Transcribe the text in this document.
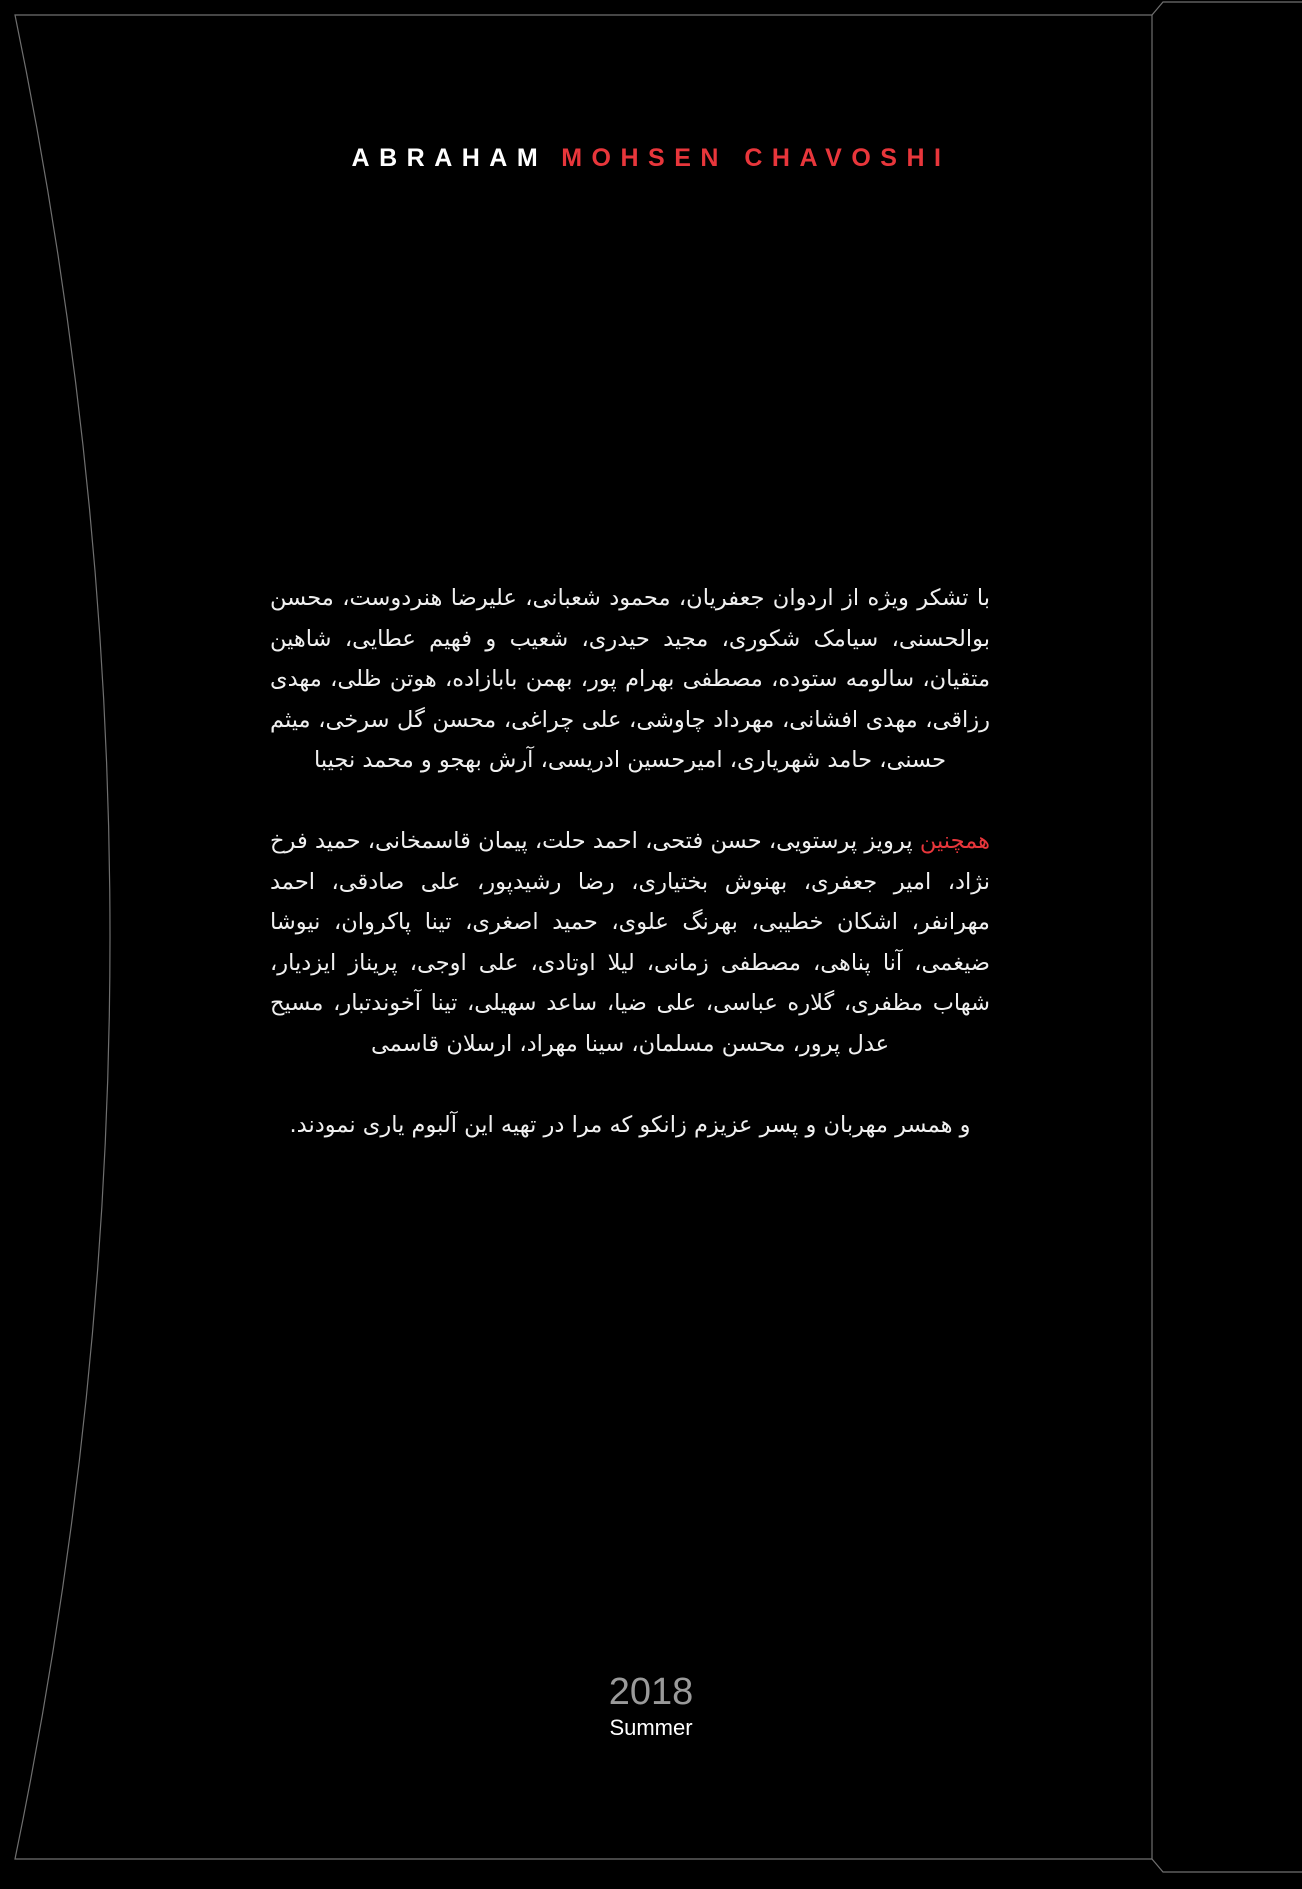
ABRAHAM MOHSEN CHAVOSHI

با تشکر ویژه از اردوان جعفریان، محمود شعبانی، علیرضا هنردوست، محسن بوالحسنی، سیامک شکوری، مجید حیدری، شعیب و فهیم عطایی، شاهین متقیان، سالومه ستوده، مصطفی بهرام پور، بهمن بابازاده، هوتن ظلی، مهدی رزاقی، مهدی افشانی، مهرداد چاوشی، علی چراغی، محسن گل سرخی، میثم حسنی، حامد شهریاری، امیرحسین ادریسی، آرش بهجو و محمد نجیبا

همچنین پرویز پرستویی، حسن فتحی، احمد حلت، پیمان قاسمخانی، حمید فرخ نژاد، امیر جعفری، بهنوش بختیاری، رضا رشیدپور، علی صادقی، احمد مهرانفر، اشکان خطیبی، بهرنگ علوی، حمید اصغری، تینا پاکروان، نیوشا ضیغمی، آنا پناهی، مصطفی زمانی، لیلا اوتادی، علی اوجی، پریناز ایزدیار، شهاب مظفری، گلاره عباسی، علی ضیا، ساعد سهیلی، تینا آخوندتبار، مسیح عدل پرور، محسن مسلمان، سینا مهراد، ارسلان قاسمی

و همسر مهربان و پسر عزیزم زانکو که مرا در تهیه این آلبوم یاری نمودند.

2018
Summer
